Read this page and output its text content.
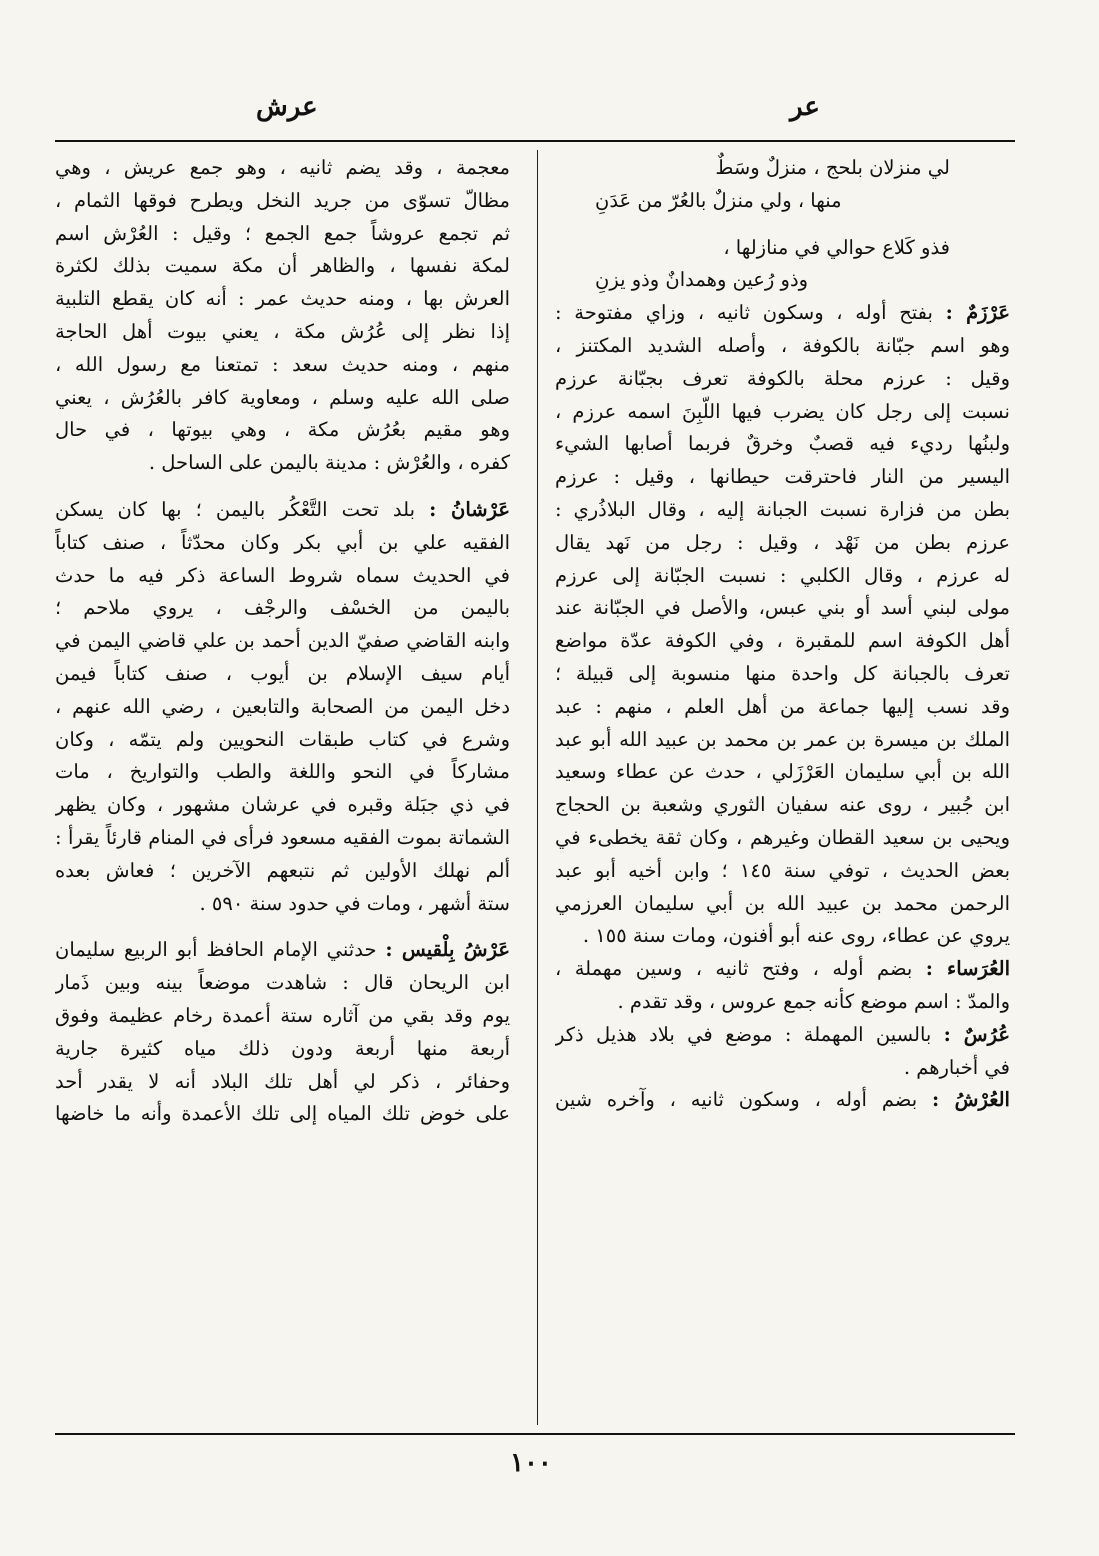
عرش	عر
لي منزلان بلحج ، منزلٌ وسَطٌ
منها ، ولي منزلٌ بالعُرّ من عَدَنِ
فذو كَلاع حوالي في منازلها ،
وذو رُعين وهمدانٌ وذو يزنِ
عَرْزَمٌ : بفتح أوله ، وسكون ثانيه ، وزاي مفتوحة :
وهو اسم جبّانة بالكوفة ، وأصله الشديد المكتنز ،
وقيل : عرزم محلة بالكوفة تعرف بجبّانة عرزم
نسبت إلى رجل كان يضرب فيها اللّبِنَ اسمه عرزم ،
ولبنُها رديء فيه قصبٌ وخرقٌ فربما أصابها الشيء
اليسير من النار فاحترقت حيطانها ، وقيل : عرزم
بطن من فزارة نسبت الجبانة إليه ، وقال البلاذُري :
عرزم بطن من نَهْد ، وقيل : رجل من نَهد يقال
له عرزم ، وقال الكلبي : نسبت الجبّانة إلى عرزم
مولى لبني أسد أو بني عبس، والأصل في الجبّانة عند
أهل الكوفة اسم للمقبرة ، وفي الكوفة عدّة مواضع
تعرف بالجبانة كل واحدة منها منسوبة إلى قبيلة ؛
وقد نسب إليها جماعة من أهل العلم ، منهم : عبد
الملك بن ميسرة بن عمر بن محمد بن عبيد الله أبو عبد
الله بن أبي سليمان العَرْزَلي ، حدث عن عطاء وسعيد
ابن جُبير ، روى عنه سفيان الثوري وشعبة بن الحجاج
ويحيى بن سعيد القطان وغيرهم ، وكان ثقة يخطىء في
بعض الحديث ، توفي سنة ١٤٥ ؛ وابن أخيه أبو عبد
الرحمن محمد بن عبيد الله بن أبي سليمان العرزمي
يروي عن عطاء، روى عنه أبو أفنون، ومات سنة ١٥٥ .
العُرَساء : بضم أوله ، وفتح ثانيه ، وسين مهملة ،
والمدّ : اسم موضع كأنه جمع عروس ، وقد تقدم .
عُرُسٌ : بالسين المهملة : موضع في بلاد هذيل ذكر
في أخبارهم .
العُرْشُ : بضم أوله ، وسكون ثانيه ، وآخره شين
معجمة ، وقد يضم ثانيه ، وهو جمع عريش ، وهي
مظالّ تسوّى من جريد النخل ويطرح فوقها الثمام ،
ثم تجمع عروشاً جمع الجمع ؛ وقيل : العُرْش اسم
لمكة نفسها ، والظاهر أن مكة سميت بذلك لكثرة
العرش بها ، ومنه حديث عمر : أنه كان يقطع التلبية
إذا نظر إلى عُرُش مكة ، يعني بيوت أهل الحاجة
منهم ، ومنه حديث سعد : تمتعنا مع رسول الله ،
صلى الله عليه وسلم ، ومعاوية كافر بالعُرُش ، يعني
وهو مقيم بعُرُش مكة ، وهي بيوتها ، في حال
كفره ، والعُرْش : مدينة باليمن على الساحل .
عَرْشانُ : بلد تحت التَّعْكُر باليمن ؛ بها كان يسكن
الفقيه علي بن أبي بكر وكان محدّثاً ، صنف كتاباً
في الحديث سماه شروط الساعة ذكر فيه ما حدث
باليمن من الخسْف والرجْف ، يروي ملاحم ؛
وابنه القاضي صفيّ الدين أحمد بن علي قاضي اليمن في
أيام سيف الإسلام بن أيوب ، صنف كتاباً فيمن
دخل اليمن من الصحابة والتابعين ، رضي الله عنهم ،
وشرع في كتاب طبقات النحويين ولم يتمّه ، وكان
مشاركاً في النحو واللغة والطب والتواريخ ، مات
في ذي جبَلة وقبره في عرشان مشهور ، وكان يظهر
الشماتة بموت الفقيه مسعود فرأى في المنام قارئاً يقرأ :
ألم نهلك الأولين ثم نتبعهم الآخرين ؛ فعاش بعده
ستة أشهر ، ومات في حدود سنة ٥٩٠ .
عَرْشُ بِلْقيس : حدثني الإمام الحافظ أبو الربيع سليمان
ابن الريحان قال : شاهدت موضعاً بينه وبين ذَمار
يوم وقد بقي من آثاره ستة أعمدة رخام عظيمة وفوق
أربعة منها أربعة ودون ذلك مياه كثيرة جارية
وحفائر ، ذكر لي أهل تلك البلاد أنه لا يقدر أحد
على خوض تلك المياه إلى تلك الأعمدة وأنه ما خاضها
١٠٠
